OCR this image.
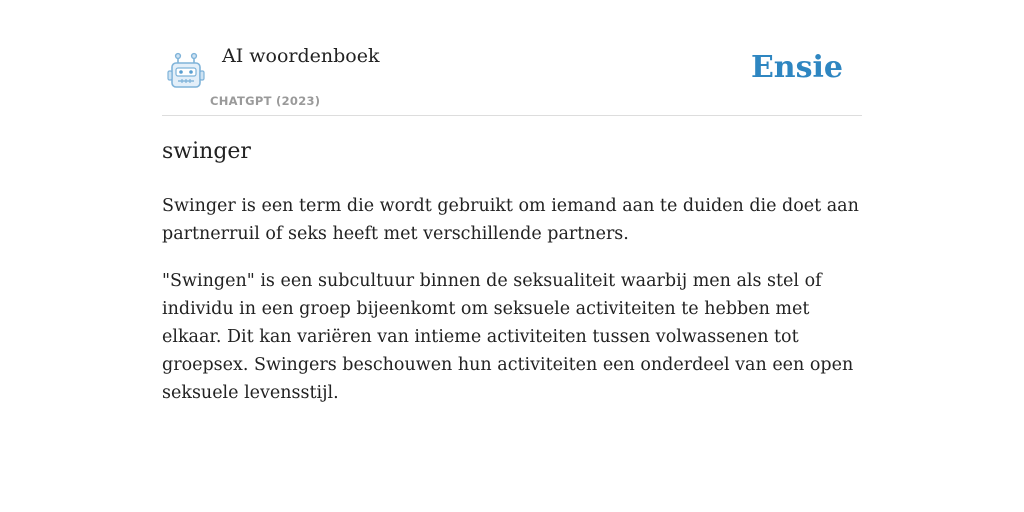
AI woordenboek
CHATGPT (2023)
Ensie
swinger

Swinger is een term die wordt gebruikt om iemand aan te duiden die doet aan partnerruil of seks heeft met verschillende partners.

"Swingen" is een subcultuur binnen de seksualiteit waarbij men als stel of individu in een groep bijeenkomt om seksuele activiteiten te hebben met elkaar. Dit kan variëren van intieme activiteiten tussen volwassenen tot groepsex. Swingers beschouwen hun activiteiten een onderdeel van een open seksuele levensstijl.
